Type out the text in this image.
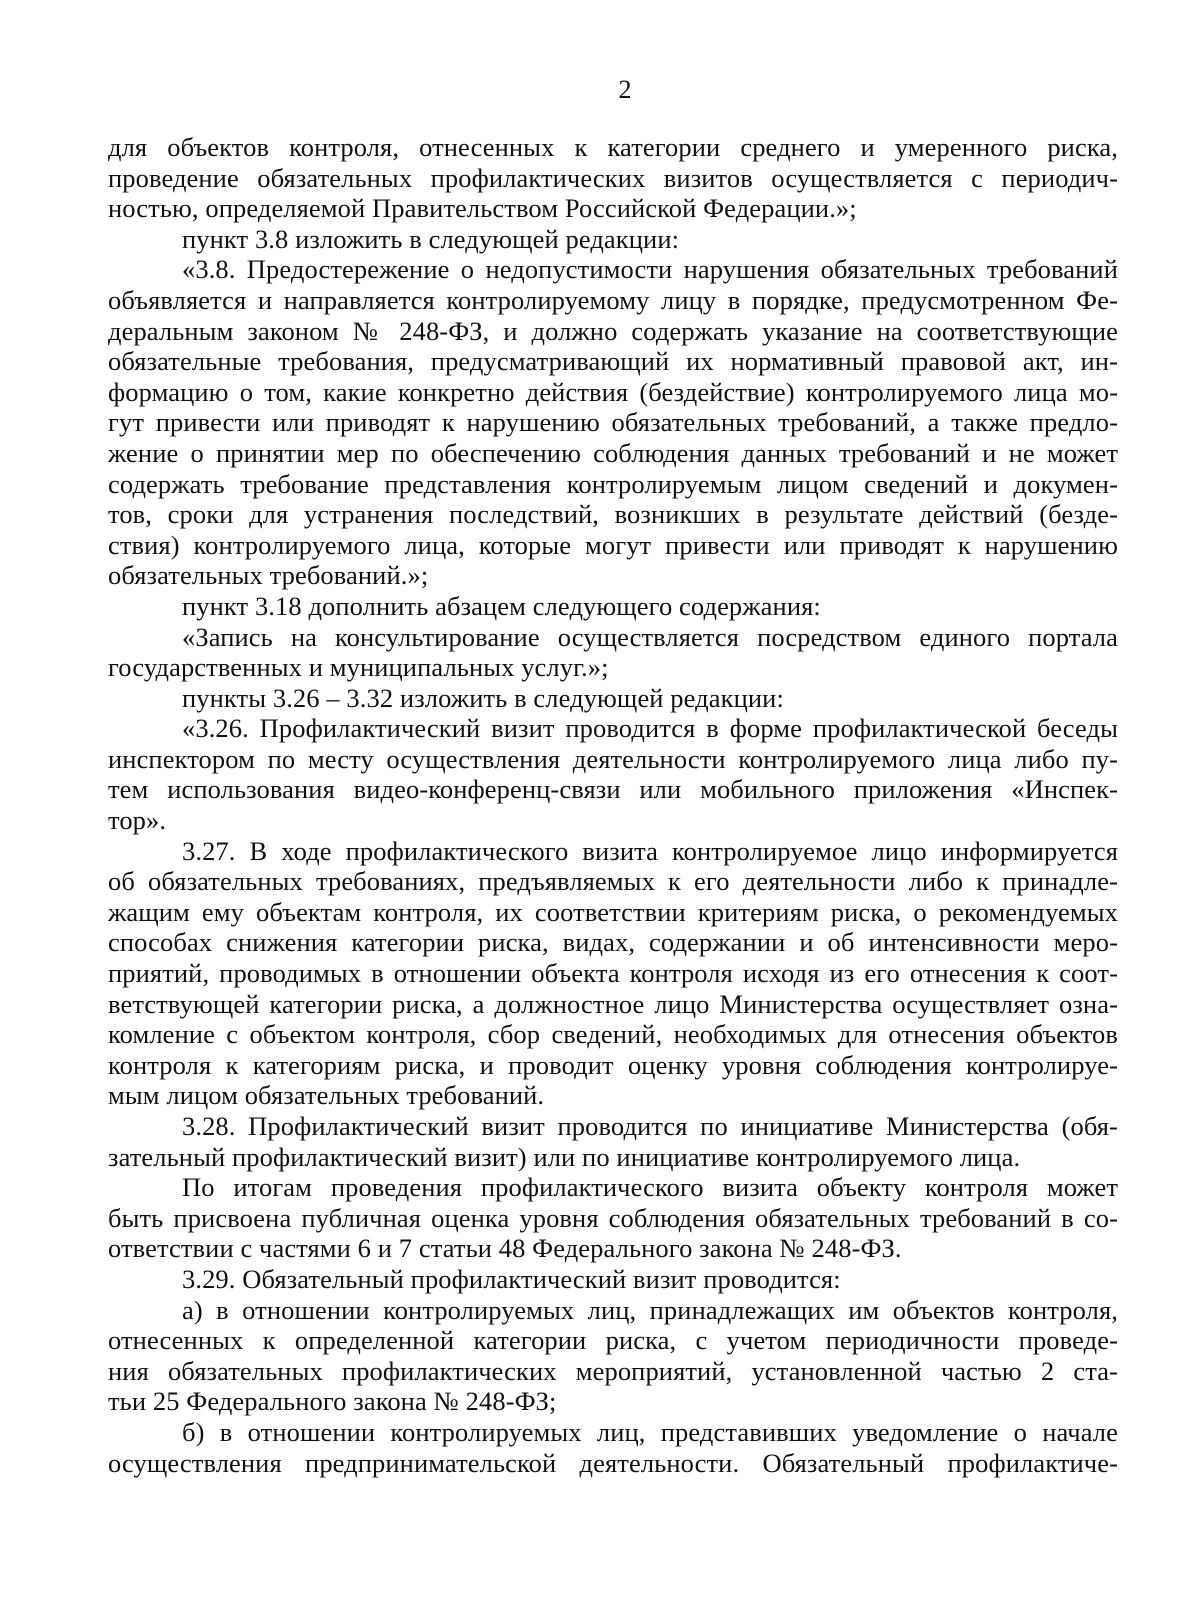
2
для объектов контроля, отнесенных к категории среднего и умеренного риска,
проведение обязательных профилактических визитов осуществляется с периодич-
ностью, определяемой Правительством Российской Федерации.»;
пункт 3.8 изложить в следующей редакции:
«3.8. Предостережение о недопустимости нарушения обязательных требований
объявляется и направляется контролируемому лицу в порядке, предусмотренном Фе-
деральным законом № 248-ФЗ, и должно содержать указание на соответствующие
обязательные требования, предусматривающий их нормативный правовой акт, ин-
формацию о том, какие конкретно действия (бездействие) контролируемого лица мо-
гут привести или приводят к нарушению обязательных требований, а также предло-
жение о принятии мер по обеспечению соблюдения данных требований и не может
содержать требование представления контролируемым лицом сведений и докумен-
тов, сроки для устранения последствий, возникших в результате действий (безде-
ствия) контролируемого лица, которые могут привести или приводят к нарушению
обязательных требований.»;
пункт 3.18 дополнить абзацем следующего содержания:
«Запись на консультирование осуществляется посредством единого портала
государственных и муниципальных услуг.»;
пункты 3.26 – 3.32 изложить в следующей редакции:
«3.26. Профилактический визит проводится в форме профилактической беседы
инспектором по месту осуществления деятельности контролируемого лица либо пу-
тем использования видео-конференц-связи или мобильного приложения «Инспек-
тор».
3.27. В ходе профилактического визита контролируемое лицо информируется
об обязательных требованиях, предъявляемых к его деятельности либо к принадле-
жащим ему объектам контроля, их соответствии критериям риска, о рекомендуемых
способах снижения категории риска, видах, содержании и об интенсивности меро-
приятий, проводимых в отношении объекта контроля исходя из его отнесения к соот-
ветствующей категории риска, а должностное лицо Министерства осуществляет озна-
комление с объектом контроля, сбор сведений, необходимых для отнесения объектов
контроля к категориям риска, и проводит оценку уровня соблюдения контролируе-
мым лицом обязательных требований.
3.28. Профилактический визит проводится по инициативе Министерства (обя-
зательный профилактический визит) или по инициативе контролируемого лица.
По итогам проведения профилактического визита объекту контроля может
быть присвоена публичная оценка уровня соблюдения обязательных требований в со-
ответствии с частями 6 и 7 статьи 48 Федерального закона № 248-ФЗ.
3.29. Обязательный профилактический визит проводится:
а) в отношении контролируемых лиц, принадлежащих им объектов контроля,
отнесенных к определенной категории риска, с учетом периодичности проведе-
ния обязательных профилактических мероприятий, установленной частью 2 ста-
тьи 25 Федерального закона № 248-ФЗ;
б) в отношении контролируемых лиц, представивших уведомление о начале
осуществления предпринимательской деятельности. Обязательный профилактиче-
